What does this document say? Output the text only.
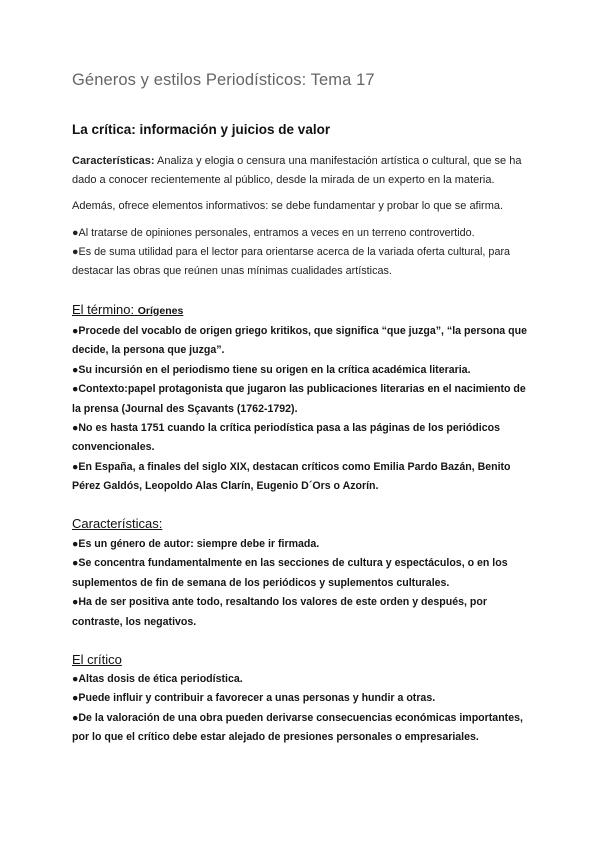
Géneros y estilos Periodísticos: Tema 17
La crítica: información y juicios de valor
Características: Analiza y elogia o censura una manifestación artística o cultural, que se ha dado a conocer recientemente al público, desde la mirada de un experto en la materia.
Además, ofrece elementos informativos: se debe fundamentar y probar lo que se afirma.
● Al tratarse de opiniones personales, entramos a veces en un terreno controvertido.
● Es de suma utilidad para el lector para orientarse acerca de la variada oferta cultural, para destacar las obras que reúnen unas mínimas cualidades artísticas.
El término: Orígenes
● Procede del vocablo de origen griego kritikos, que significa “que juzga”, “la persona que decide, la persona que juzga”.
● Su incursión en el periodismo tiene su origen en la crítica académica literaria.
● Contexto:papel protagonista que jugaron las publicaciones literarias en el nacimiento de la prensa (Journal des Sçavants (1762-1792).
● No es hasta 1751 cuando la crítica periodística pasa a las páginas de los periódicos convencionales.
● En España, a finales del siglo XIX, destacan críticos como Emilia Pardo Bazán, Benito Pérez Galdós, Leopoldo Alas Clarín, Eugenio D´Ors o Azorín.
Características:
● Es un género de autor: siempre debe ir firmada.
● Se concentra fundamentalmente en las secciones de cultura y espectáculos, o en los suplementos de fin de semana de los periódicos y suplementos culturales.
● Ha de ser positiva ante todo, resaltando los valores de este orden y después, por contraste, los negativos.
El crítico
● Altas dosis de ética periodística.
● Puede influir y contribuir a favorecer a unas personas y hundir a otras.
● De la valoración de una obra pueden derivarse consecuencias económicas importantes, por lo que el crítico debe estar alejado de presiones personales o empresariales.
